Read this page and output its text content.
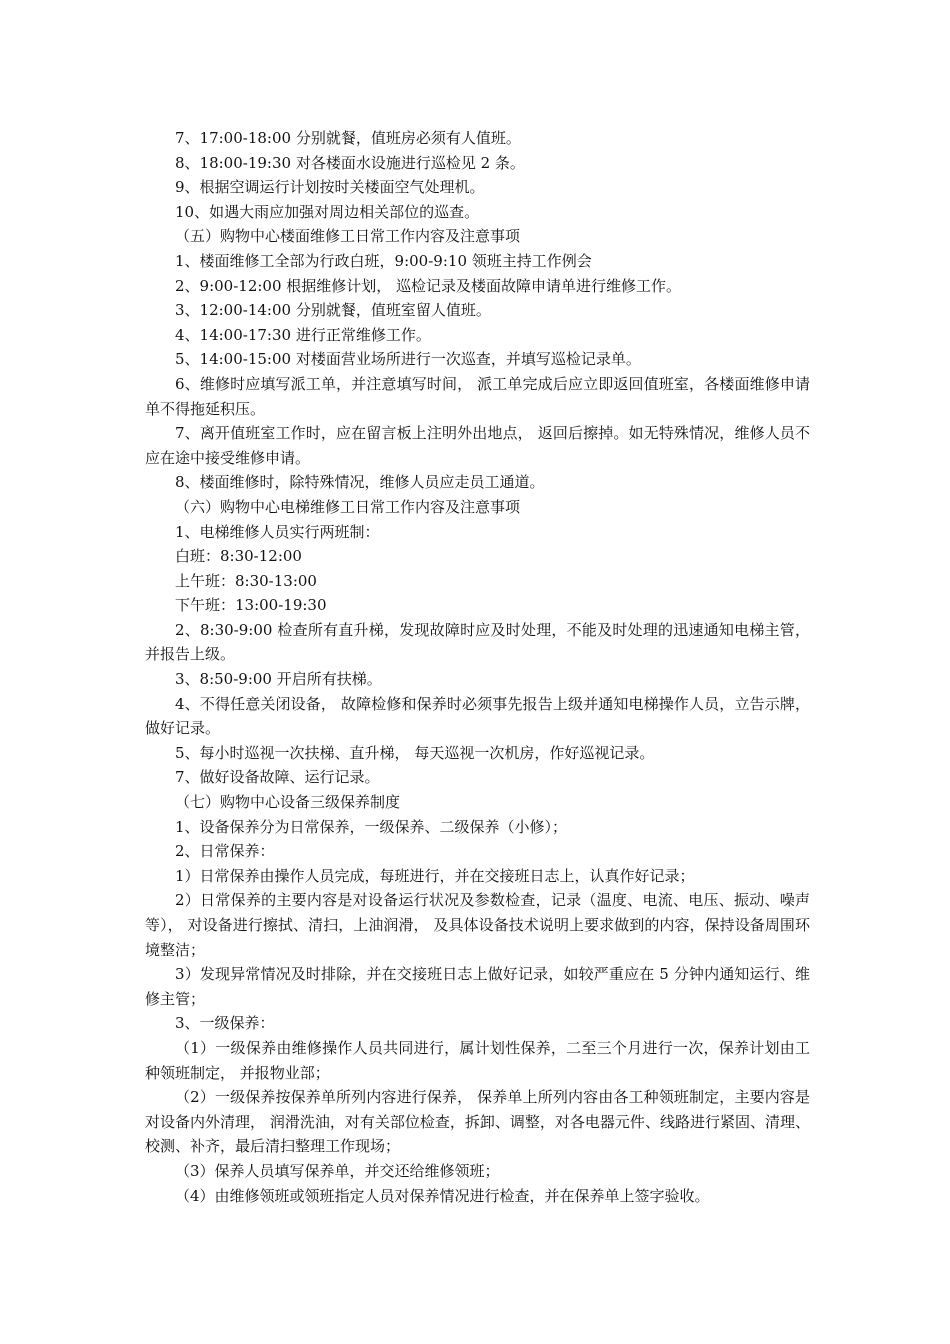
7、17:00-18:00 分别就餐，值班房必须有人值班。

8、18:00-19:30 对各楼面水设施进行巡检见 2 条。

9、根据空调运行计划按时关楼面空气处理机。

10、如遇大雨应加强对周边相关部位的巡查。

（五）购物中心楼面维修工日常工作内容及注意事项

1、楼面维修工全部为行政白班，9:00-9:10 领班主持工作例会

2、9:00-12:00 根据维修计划， 巡检记录及楼面故障申请单进行维修工作。

3、12:00-14:00 分别就餐，值班室留人值班。

4、14:00-17:30 进行正常维修工作。

5、14:00-15:00 对楼面营业场所进行一次巡查，并填写巡检记录单。

6、维修时应填写派工单，并注意填写时间， 派工单完成后应立即返回值班室，各楼面维修申请单不得拖延积压。

7、离开值班室工作时，应在留言板上注明外出地点， 返回后擦掉。如无特殊情况，维修人员不应在途中接受维修申请。

8、楼面维修时，除特殊情况，维修人员应走员工通道。

（六）购物中心电梯维修工日常工作内容及注意事项

1、电梯维修人员实行两班制：

白班：8:30-12:00

上午班：8:30-13:00

下午班：13:00-19:30

2、8:30-9:00 检查所有直升梯，发现故障时应及时处理，不能及时处理的迅速通知电梯主管，并报告上级。

3、8:50-9:00 开启所有扶梯。

4、不得任意关闭设备， 故障检修和保养时必须事先报告上级并通知电梯操作人员，立告示牌，做好记录。

5、每小时巡视一次扶梯、直升梯， 每天巡视一次机房，作好巡视记录。

7、做好设备故障、运行记录。

（七）购物中心设备三级保养制度

1、设备保养分为日常保养，一级保养、二级保养（小修）；

2、日常保养：

1）日常保养由操作人员完成，每班进行，并在交接班日志上，认真作好记录；

2）日常保养的主要内容是对设备运行状况及参数检查，记录（温度、电流、电压、振动、噪声等）， 对设备进行擦拭、清扫，上油润滑， 及具体设备技术说明上要求做到的内容，保持设备周围环境整洁；

3）发现异常情况及时排除，并在交接班日志上做好记录，如较严重应在 5 分钟内通知运行、维修主管；

3、一级保养：

（1）一级保养由维修操作人员共同进行，属计划性保养，二至三个月进行一次，保养计划由工种领班制定， 并报物业部；

（2）一级保养按保养单所列内容进行保养， 保养单上所列内容由各工种领班制定，主要内容是对设备内外清理， 润滑洗油，对有关部位检查，拆卸、调整，对各电器元件、线路进行紧固、清理、校测、补齐，最后清扫整理工作现场；

（3）保养人员填写保养单，并交还给维修领班；

（4）由维修领班或领班指定人员对保养情况进行检查，并在保养单上签字验收。
